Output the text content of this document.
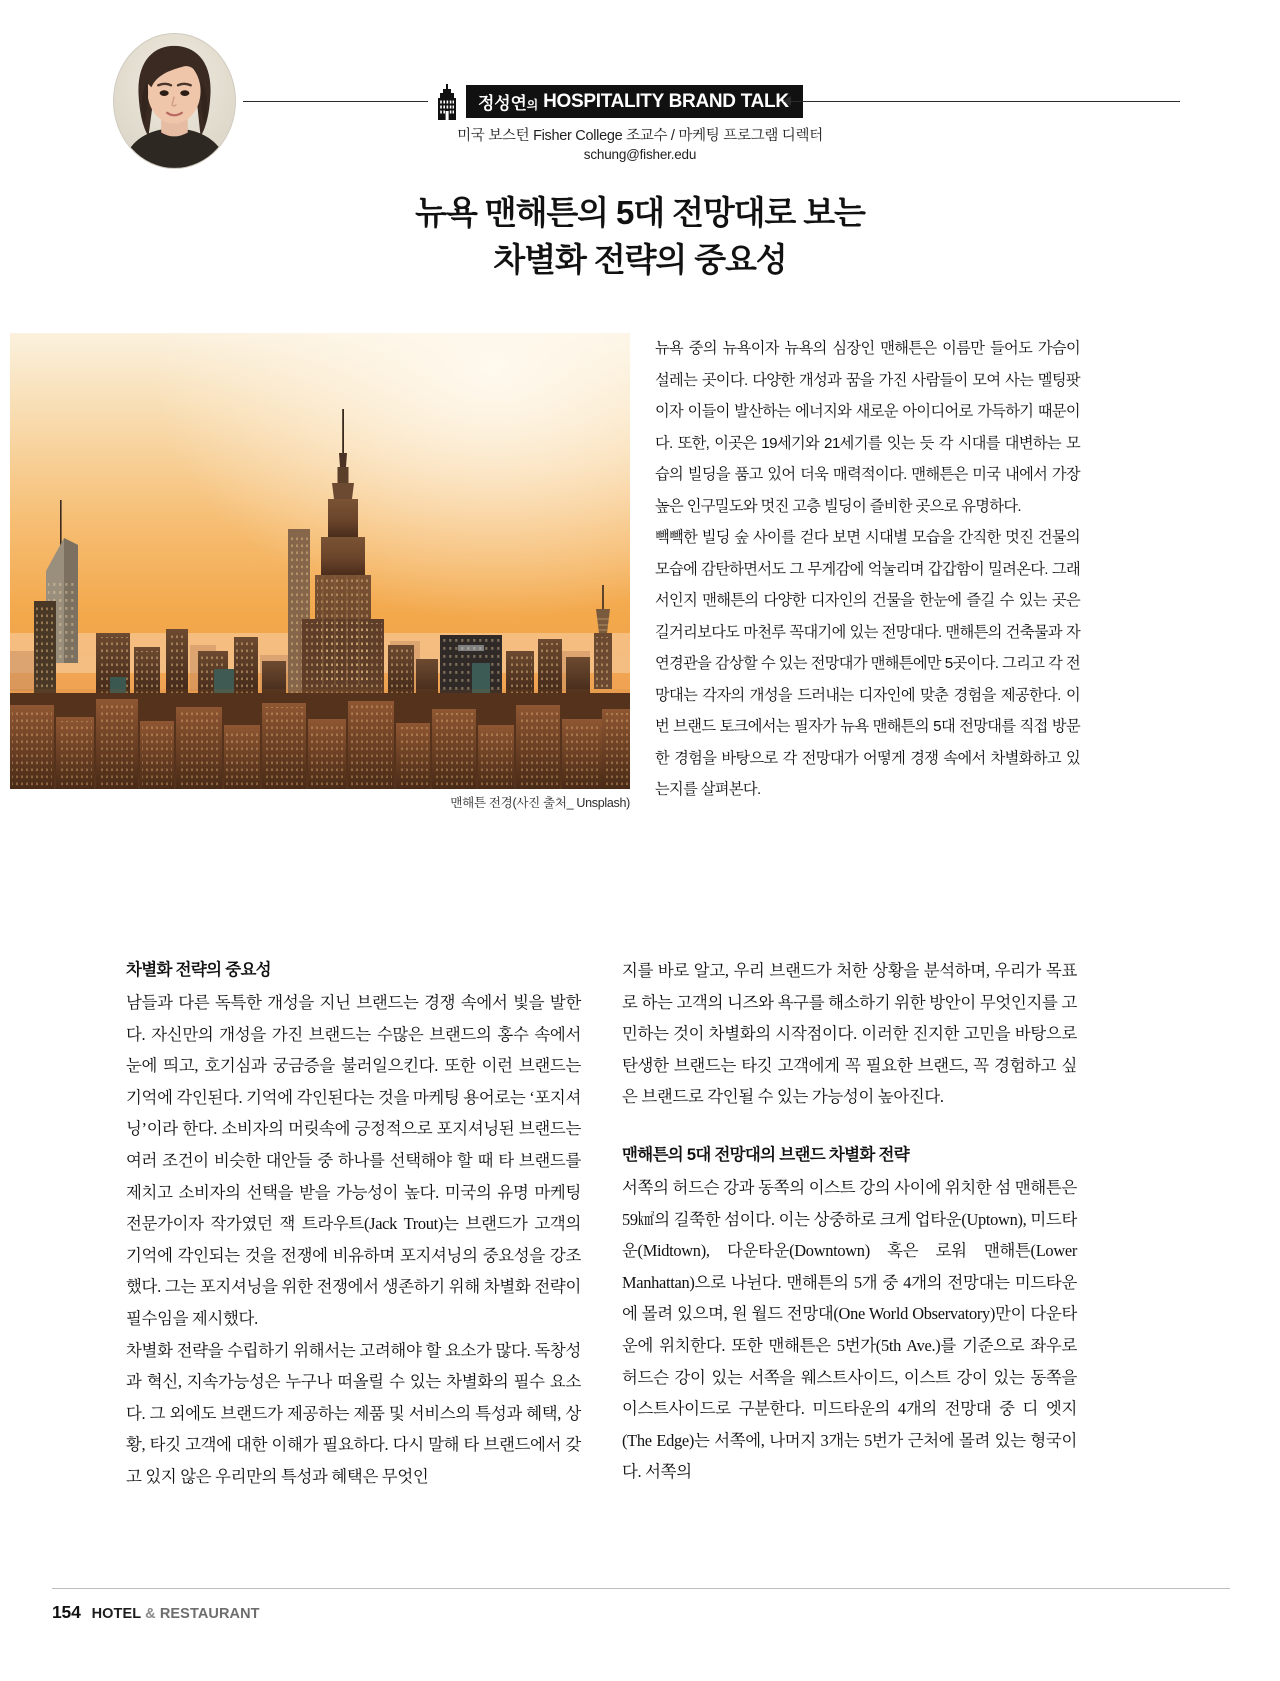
정성연의 HOSPITALITY BRAND TALK
미국 보스턴 Fisher College 조교수 / 마케팅 프로그램 디렉터
schung@fisher.edu
뉴욕 맨해튼의 5대 전망대로 보는
차별화 전략의 중요성
맨해튼 전경(사진 출처_ Unsplash)

뉴욕 중의 뉴욕이자 뉴욕의 심장인 맨해튼은 이름만 들어도 가슴이 설레는 곳이다. 다양한 개성과 꿈을 가진 사람들이 모여 사는 멜팅팟이자 이들이 발산하는 에너지와 새로운 아이디어로 가득하기 때문이다. 또한, 이곳은 19세기와 21세기를 잇는 듯 각 시대를 대변하는 모습의 빌딩을 품고 있어 더욱 매력적이다. 맨해튼은 미국 내에서 가장 높은 인구밀도와 멋진 고층 빌딩이 즐비한 곳으로 유명하다.

빽빽한 빌딩 숲 사이를 걷다 보면 시대별 모습을 간직한 멋진 건물의 모습에 감탄하면서도 그 무게감에 억눌리며 갑갑함이 밀려온다. 그래서인지 맨해튼의 다양한 디자인의 건물을 한눈에 즐길 수 있는 곳은 길거리보다도 마천루 꼭대기에 있는 전망대다. 맨해튼의 건축물과 자연경관을 감상할 수 있는 전망대가 맨해튼에만 5곳이다. 그리고 각 전망대는 각자의 개성을 드러내는 디자인에 맞춘 경험을 제공한다. 이번 브랜드 토크에서는 필자가 뉴욕 맨해튼의 5대 전망대를 직접 방문한 경험을 바탕으로 각 전망대가 어떻게 경쟁 속에서 차별화하고 있는지를 살펴본다.

차별화 전략의 중요성

남들과 다른 독특한 개성을 지닌 브랜드는 경쟁 속에서 빛을 발한다. 자신만의 개성을 가진 브랜드는 수많은 브랜드의 홍수 속에서 눈에 띄고, 호기심과 궁금증을 불러일으킨다. 또한 이런 브랜드는 기억에 각인된다. 기억에 각인된다는 것을 마케팅 용어로는 ‘포지셔닝’이라 한다. 소비자의 머릿속에 긍정적으로 포지셔닝된 브랜드는 여러 조건이 비슷한 대안들 중 하나를 선택해야 할 때 타 브랜드를 제치고 소비자의 선택을 받을 가능성이 높다. 미국의 유명 마케팅 전문가이자 작가였던 잭 트라우트(Jack Trout)는 브랜드가 고객의 기억에 각인되는 것을 전쟁에 비유하며 포지셔닝의 중요성을 강조했다. 그는 포지셔닝을 위한 전쟁에서 생존하기 위해 차별화 전략이 필수임을 제시했다.

차별화 전략을 수립하기 위해서는 고려해야 할 요소가 많다. 독창성과 혁신, 지속가능성은 누구나 떠올릴 수 있는 차별화의 필수 요소다. 그 외에도 브랜드가 제공하는 제품 및 서비스의 특성과 혜택, 상황, 타깃 고객에 대한 이해가 필요하다. 다시 말해 타 브랜드에서 갖고 있지 않은 우리만의 특성과 혜택은 무엇인

지를 바로 알고, 우리 브랜드가 처한 상황을 분석하며, 우리가 목표로 하는 고객의 니즈와 욕구를 해소하기 위한 방안이 무엇인지를 고민하는 것이 차별화의 시작점이다. 이러한 진지한 고민을 바탕으로 탄생한 브랜드는 타깃 고객에게 꼭 필요한 브랜드, 꼭 경험하고 싶은 브랜드로 각인될 수 있는 가능성이 높아진다.

맨해튼의 5대 전망대의 브랜드 차별화 전략

서쪽의 허드슨 강과 동쪽의 이스트 강의 사이에 위치한 섬 맨해튼은 59㎢의 길쭉한 섬이다. 이는 상중하로 크게 업타운(Uptown), 미드타운(Midtown), 다운타운(Downtown) 혹은 로워 맨해튼(Lower Manhattan)으로 나뉜다. 맨해튼의 5개 중 4개의 전망대는 미드타운에 몰려 있으며, 원 월드 전망대(One World Observatory)만이 다운타운에 위치한다. 또한 맨해튼은 5번가(5th Ave.)를 기준으로 좌우로 허드슨 강이 있는 서쪽을 웨스트사이드, 이스트 강이 있는 동쪽을 이스트사이드로 구분한다. 미드타운의 4개의 전망대 중 디 엣지(The Edge)는 서쪽에, 나머지 3개는 5번가 근처에 몰려 있는 형국이다. 서쪽의

154 HOTEL & RESTAURANT
